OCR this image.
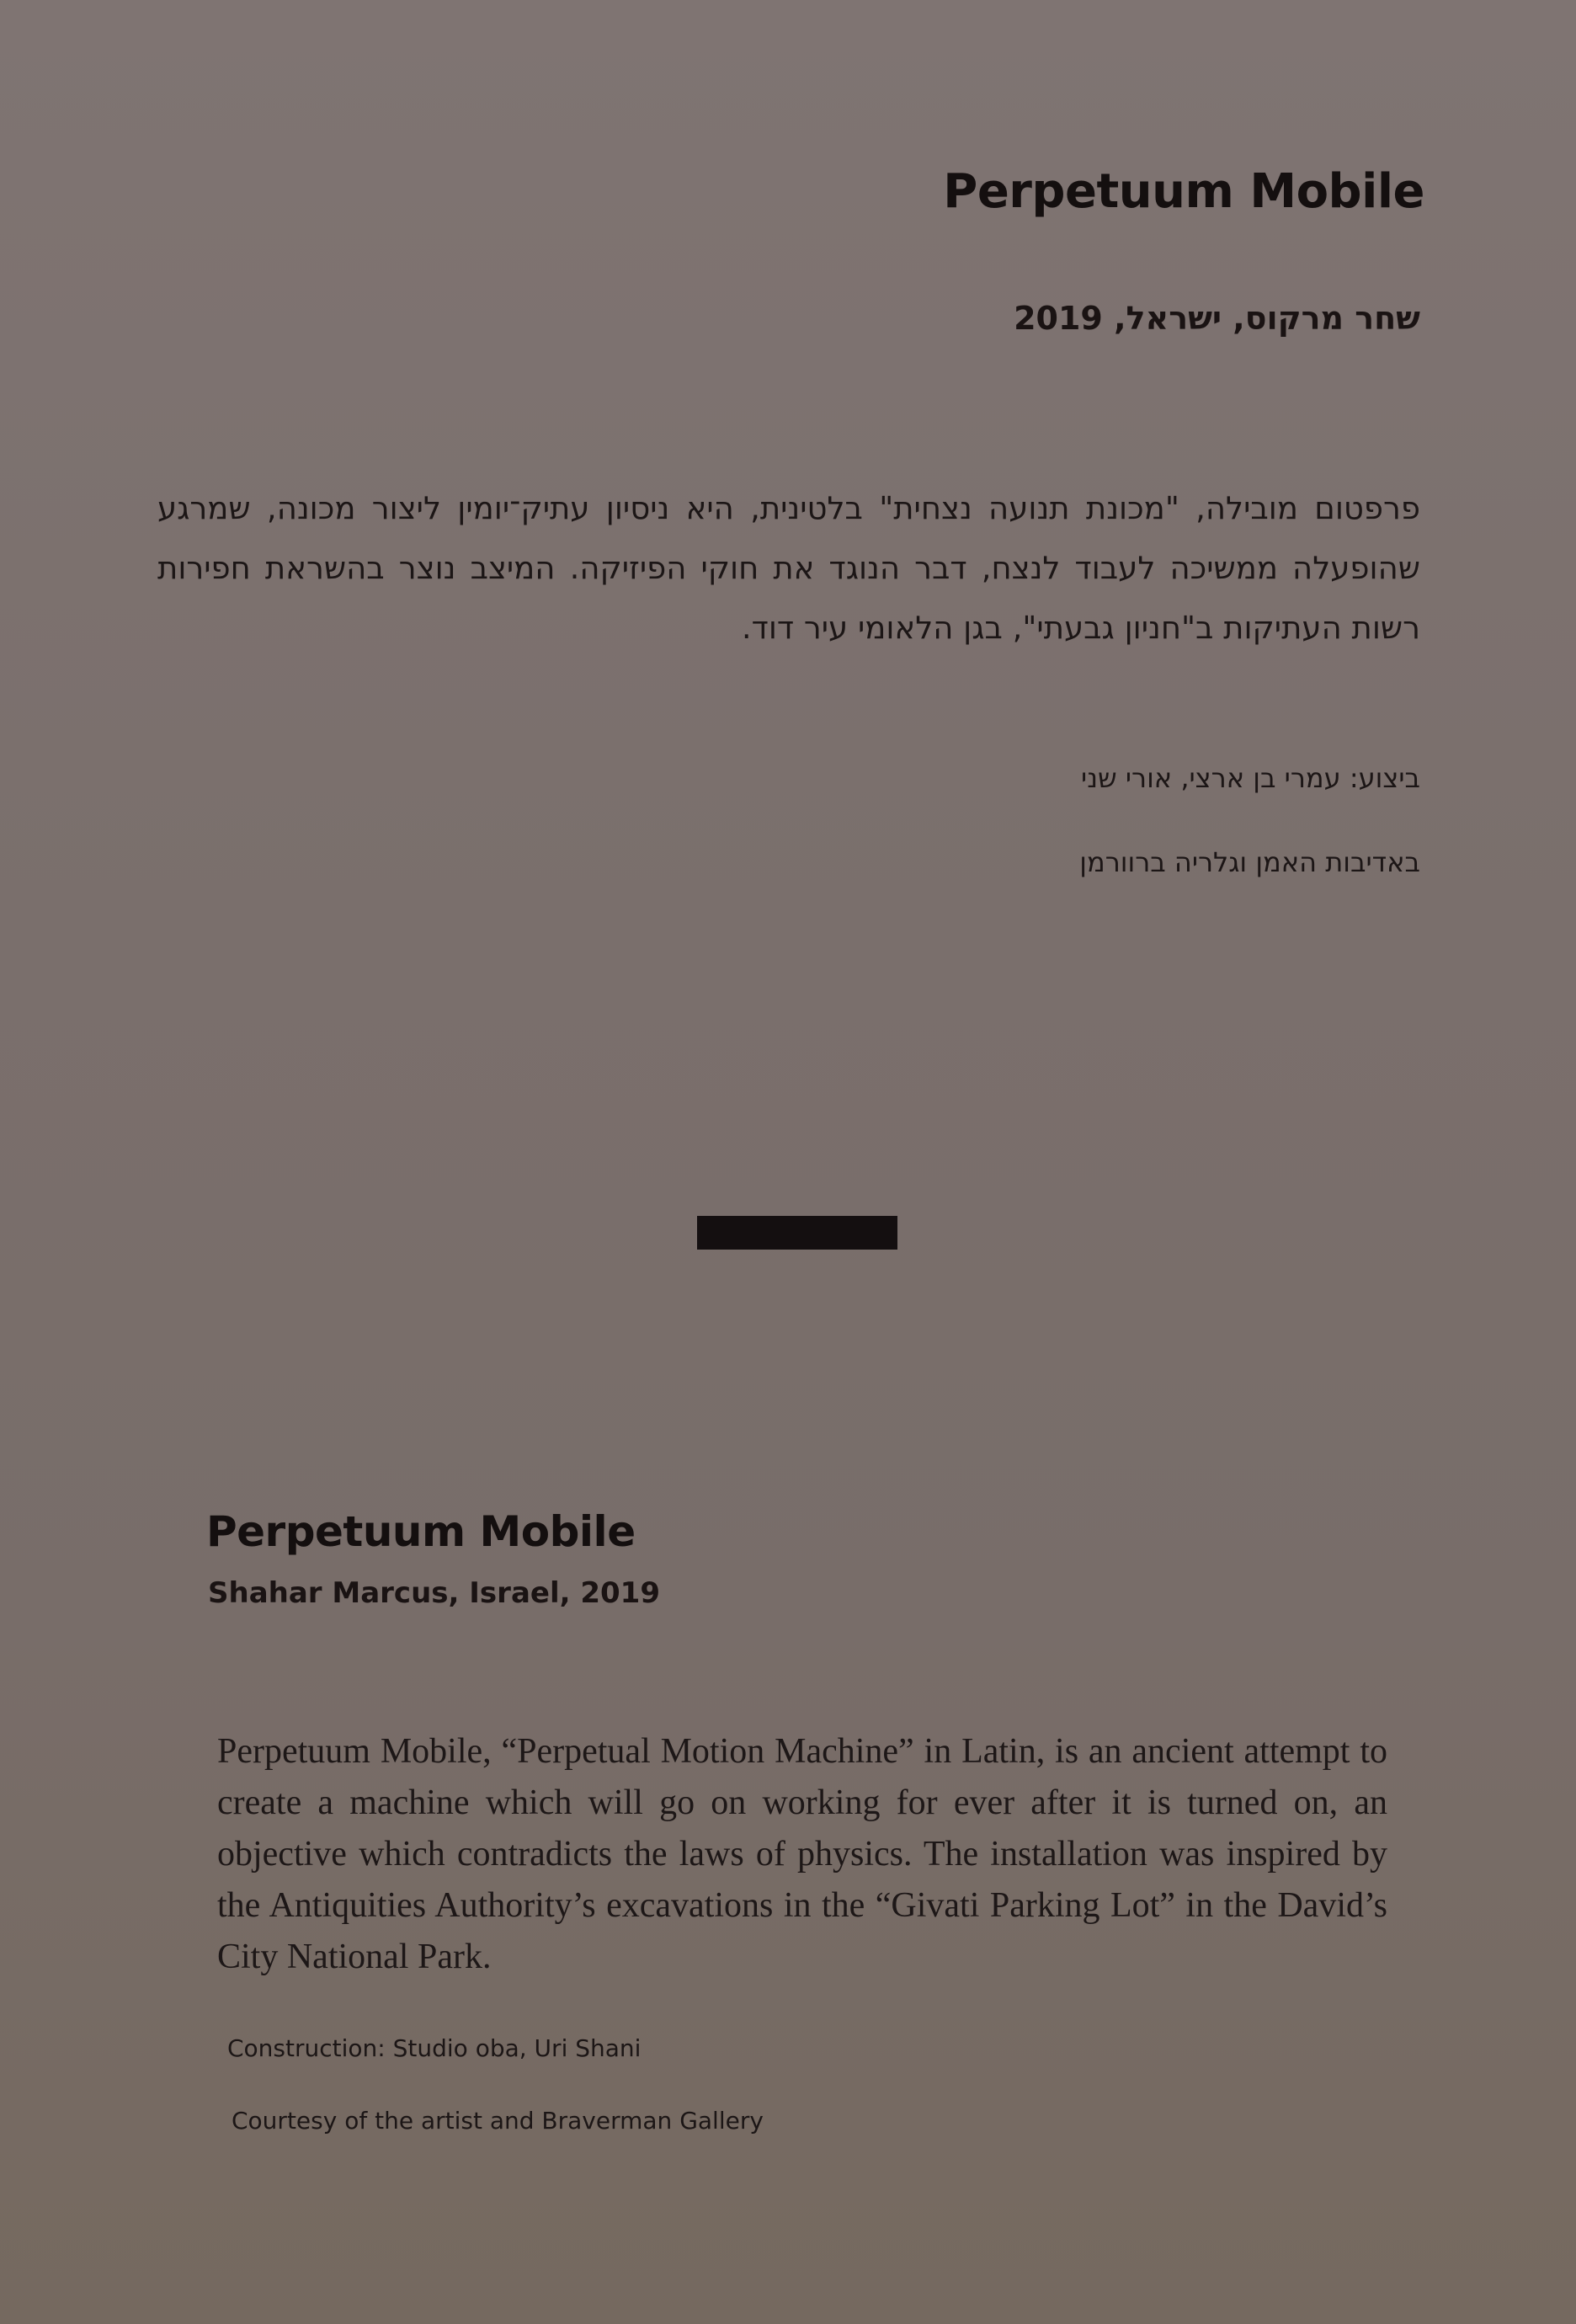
Perpetuum Mobile
שחר מרקוס, ישראל, 2019
פרפטום מובילה, "מכונת תנועה נצחית" בלטינית, היא ניסיון עתיק־יומין ליצור מכונה, שמרגע שהופעלה ממשיכה לעבוד לנצח, דבר הנוגד את חוקי הפיזיקה. המיצב נוצר בהשראת חפירות רשות העתיקות ב"חניון גבעתי", בגן הלאומי עיר דוד.
ביצוע: עמרי בן ארצי, אורי שני
באדיבות האמן וגלריה ברוורמן
Perpetuum Mobile
Shahar Marcus, Israel, 2019
Perpetuum Mobile, “Perpetual Motion Machine” in Latin, is an ancient attempt to create a machine which will go on working for ever after it is turned on, an objective which contradicts the laws of physics. The installation was inspired by the Antiquities Authority’s excavations in the “Givati Parking Lot” in the David’s City National Park.
Construction: Studio oba, Uri Shani
Courtesy of the artist and Braverman Gallery
